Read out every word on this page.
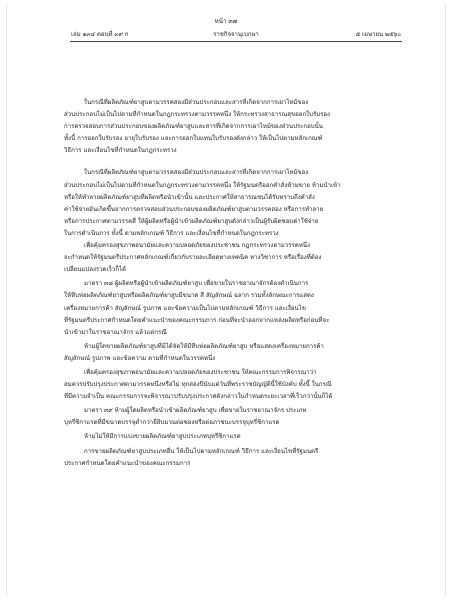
หน้า ๓๗
เล่ม ๑๓๔ ตอนที่ ๓๙ ก	ราชกิจจานุเบกษา	๕ เมษายน ๒๕๖๐
ในกรณีที่ผลิตภัณฑ์ยาสูบตามวรรคสองมีส่วนประกอบและสารที่เกิดจากการเผาไหม้ของ
ส่วนประกอบไม่เป็นไปตามที่กำหนดในกฎกระทรวงตามวรรคหนึ่ง ให้กระทรวงสาธารณสุขออกใบรับรอง
การตรวจสอบการส่วนประกอบของผลิตภัณฑ์ยาสูบและสารที่เกิดจากการเผาไหม้ของส่วนประกอบนั้น
ทั้งนี้ การออกใบรับรอง อายุใบรับรอง และการออกใบแทนใบรับรองดังกล่าว ให้เป็นไปตามหลักเกณฑ์
วิธีการ และเงื่อนไขที่กำหนดในกฎกระทรวง
ในกรณีที่ผลิตภัณฑ์ยาสูบตามวรรคสองมีส่วนประกอบและสารที่เกิดจากการเผาไหม้ของ
ส่วนประกอบไม่เป็นไปตามที่กำหนดในกฎกระทรวงตามวรรคหนึ่ง ให้รัฐมนตรีออกคำสั่งห้ามขาย ห้ามนำเข้า
หรือให้ทำลายผลิตภัณฑ์ยาสูบที่ผลิตหรือนำเข้านั้น และประกาศให้สาธารณชนได้รับทราบถึงคำสั่ง
ค่าใช้จ่ายอันเกิดขึ้นจากการตรวจสอบส่วนประกอบของผลิตภัณฑ์ยาสูบตามวรรคสอง หรือการทำลาย
หรือการประกาศตามวรรคสี่ ให้ผู้ผลิตหรือผู้นำเข้าผลิตภัณฑ์ยาสูบดังกล่าวเป็นผู้รับผิดชอบค่าใช้จ่าย
ในการดำเนินการ ทั้งนี้ ตามหลักเกณฑ์ วิธีการ และเงื่อนไขที่กำหนดในกฎกระทรวง
เพื่อคุ้มครองสุขภาพอนามัยและความปลอดภัยของประชาชน กฎกระทรวงตามวรรคหนึ่ง
จะกำหนดให้รัฐมนตรีประกาศหลักเกณฑ์เกี่ยวกับรายละเอียดทางเทคนิค ทางวิชาการ หรือเรื่องที่ต้อง
เปลี่ยนแปลงรวดเร็วก็ได้
มาตรา ๓๘ ผู้ผลิตหรือผู้นำเข้าผลิตภัณฑ์ยาสูบ เพื่อขายในราชอาณาจักรต้องดำเนินการ
ให้หีบห่อผลิตภัณฑ์ยาสูบหรือผลิตภัณฑ์ยาสูบมีขนาด สี สัญลักษณ์ ฉลาก รวมทั้งลักษณะการแสดง
เครื่องหมายการค้า สัญลักษณ์ รูปภาพ และข้อความเป็นไปตามหลักเกณฑ์ วิธีการ และเงื่อนไข
ที่รัฐมนตรีประกาศกำหนดโดยคำแนะนำของคณะกรรมการ ก่อนที่จะนำออกจากแหล่งผลิตหรือก่อนที่จะ
นำเข้ามาในราชอาณาจักร แล้วแต่กรณี
ห้ามผู้ใดขายผลิตภัณฑ์ยาสูบที่มิได้จัดให้มีหีบห่อผลิตภัณฑ์ยาสูบ หรือแสดงเครื่องหมายการค้า
สัญลักษณ์ รูปภาพ และข้อความ ตามที่กำหนดในวรรคหนึ่ง
เพื่อคุ้มครองสุขภาพอนามัยและความปลอดภัยของประชาชน ให้คณะกรรมการพิจารณาว่า
สมควรปรับปรุงประกาศตามวรรคหนึ่งหรือไม่ ทุกสองปีนับแต่วันที่พระราชบัญญัตินี้ใช้บังคับ ทั้งนี้ ในกรณี
ที่มีความจำเป็น คณะกรรมการจะพิจารณาปรับปรุงประกาศดังกล่าวในกำหนดระยะเวลาที่เร็วกว่านั้นก็ได้
มาตรา ๓๙ ห้ามผู้ใดผลิตหรือนำเข้าผลิตภัณฑ์ยาสูบ เพื่อขายในราชอาณาจักร ประเภท
บุหรี่ซิกาแรตที่มีขนาดบรรจุต่ำกว่ายี่สิบมวนต่อซองหรือต่อภาชนะบรรจุบุหรี่ซิกาแรต
ห้ามไม่ให้มีการแบ่งขายผลิตภัณฑ์ยาสูบประเภทบุหรี่ซิกาแรต
การขายผลิตภัณฑ์ยาสูบประเภทอื่น ให้เป็นไปตามหลักเกณฑ์ วิธีการ และเงื่อนไขที่รัฐมนตรี
ประกาศกำหนดโดยคำแนะนำของคณะกรรมการ
